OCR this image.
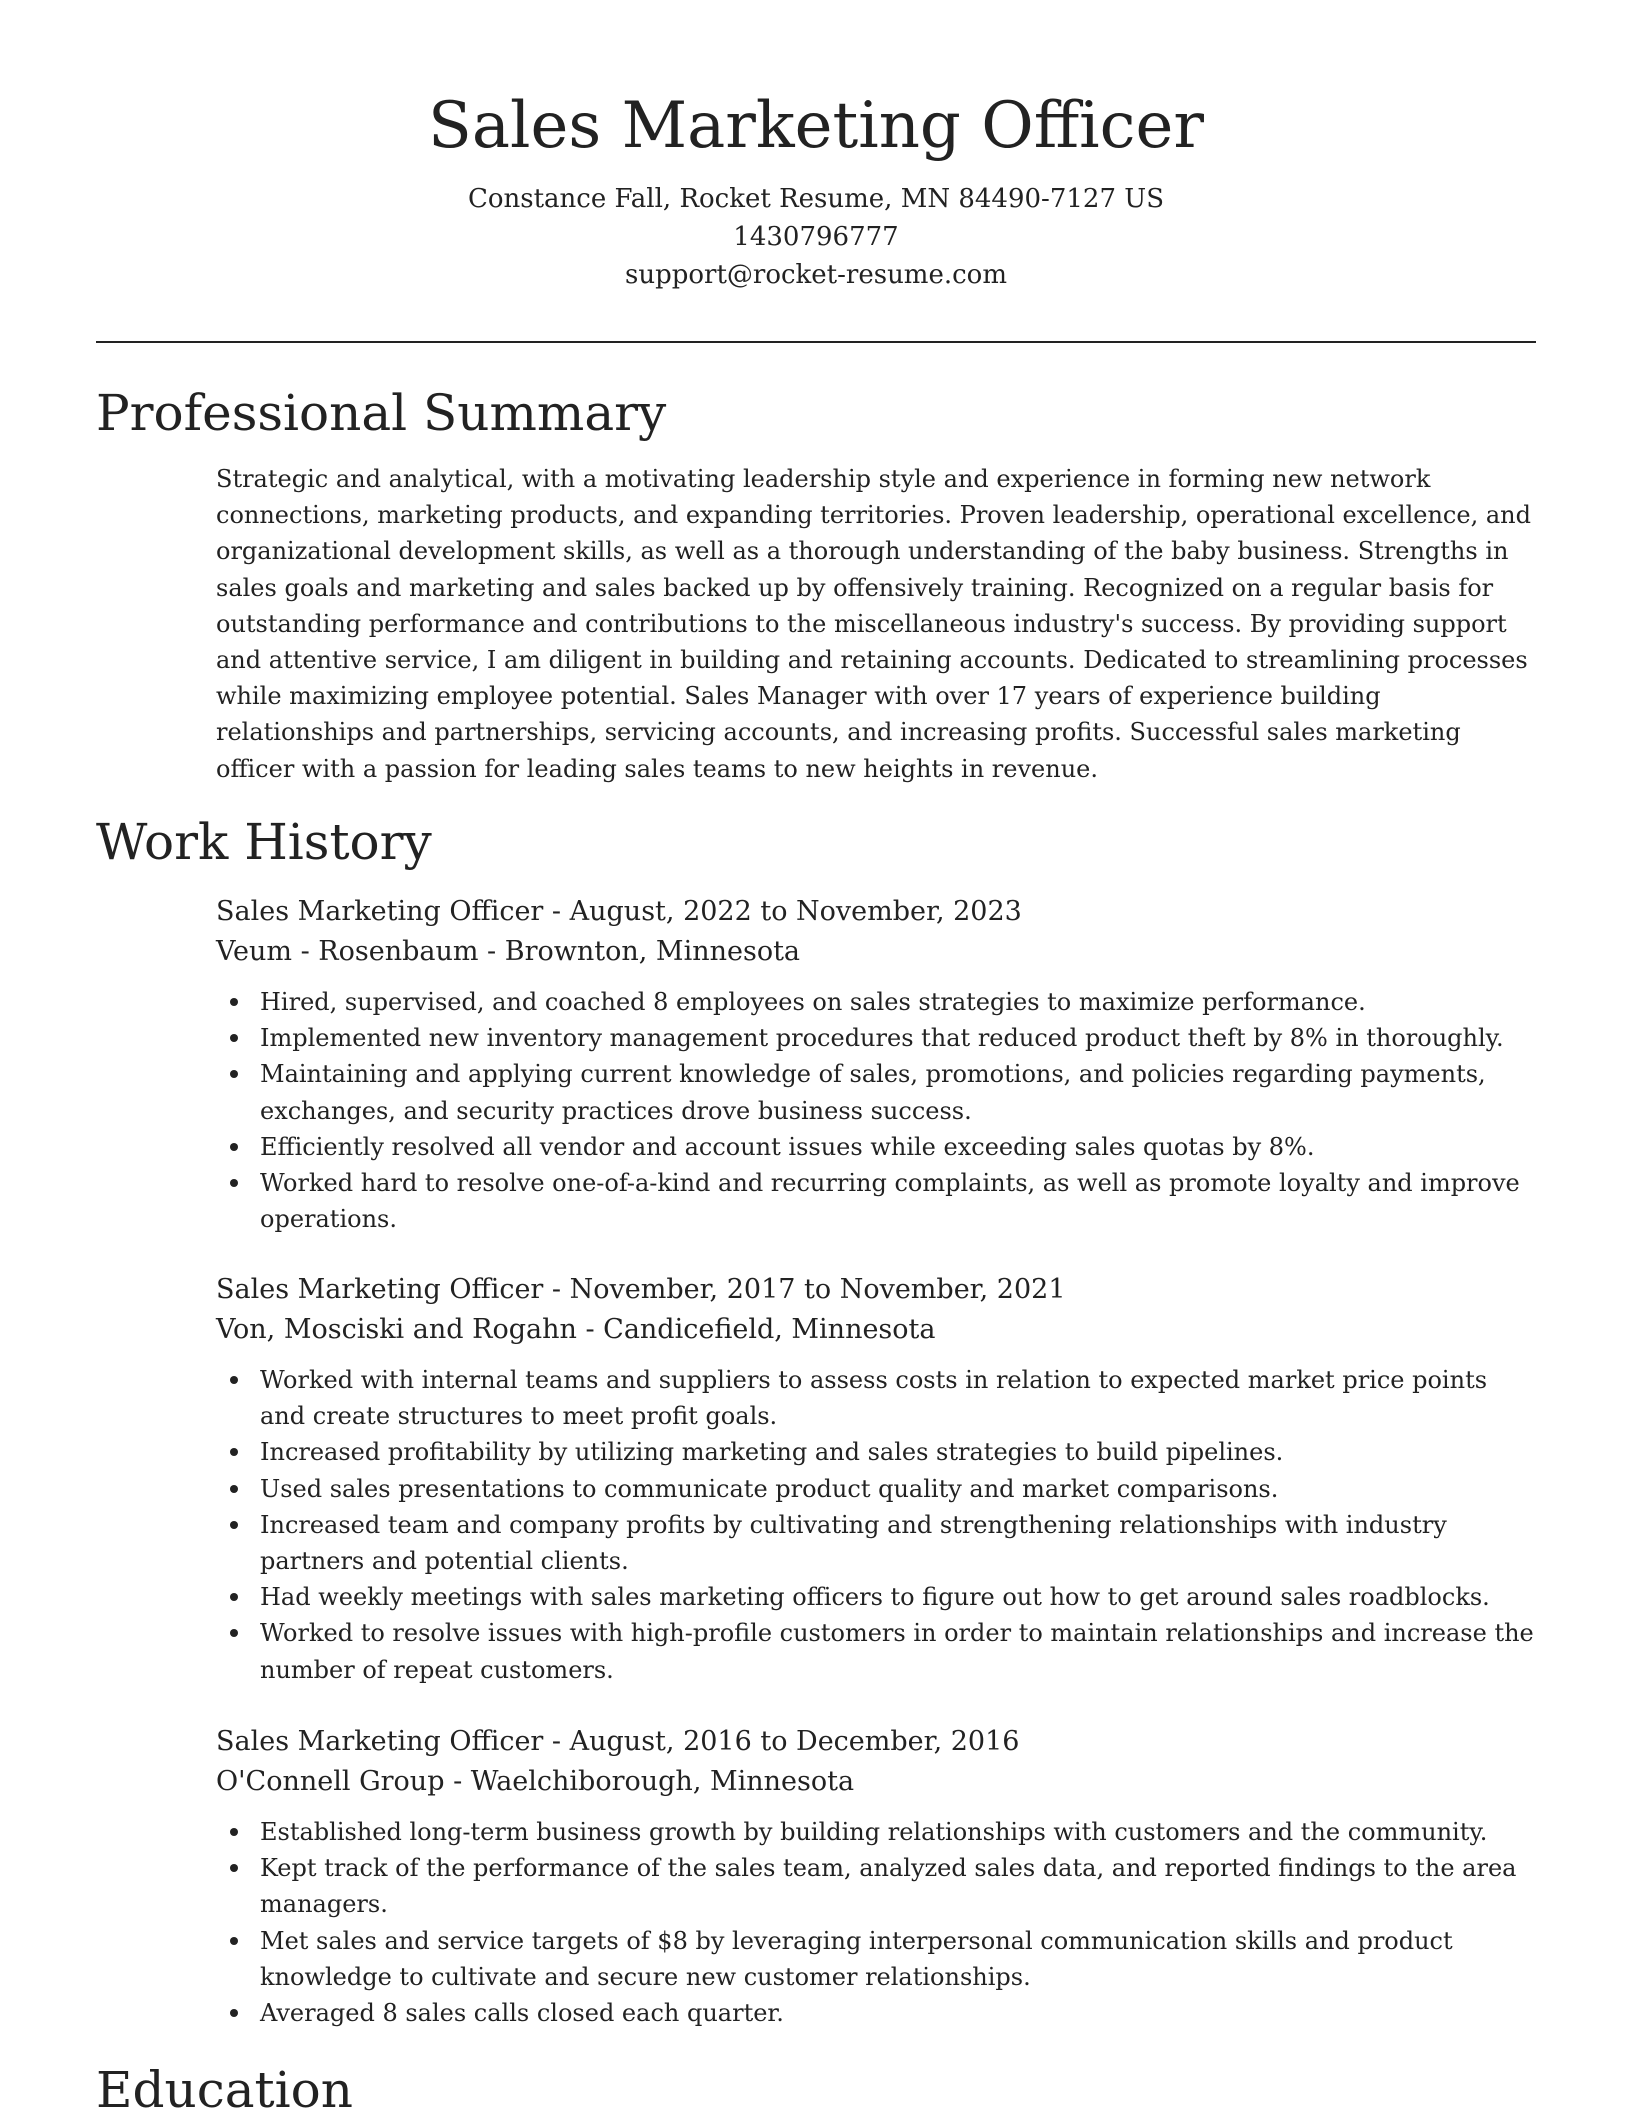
Sales Marketing Officer

Constance Fall, Rocket Resume, MN 84490-7127 US

1430796777

support@rocket-resume.com

Professional Summary

Strategic and analytical, with a motivating leadership style and experience in forming new network connections, marketing products, and expanding territories. Proven leadership, operational excellence, and organizational development skills, as well as a thorough understanding of the baby business. Strengths in sales goals and marketing and sales backed up by offensively training. Recognized on a regular basis for outstanding performance and contributions to the miscellaneous industry's success. By providing support and attentive service, I am diligent in building and retaining accounts. Dedicated to streamlining processes while maximizing employee potential. Sales Manager with over 17 years of experience building relationships and partnerships, servicing accounts, and increasing profits. Successful sales marketing officer with a passion for leading sales teams to new heights in revenue.

Work History

Sales Marketing Officer - August, 2022 to November, 2023

Veum - Rosenbaum - Brownton, Minnesota

Hired, supervised, and coached 8 employees on sales strategies to maximize performance.
Implemented new inventory management procedures that reduced product theft by 8% in thoroughly.
Maintaining and applying current knowledge of sales, promotions, and policies regarding payments, exchanges, and security practices drove business success.
Efficiently resolved all vendor and account issues while exceeding sales quotas by 8%.
Worked hard to resolve one-of-a-kind and recurring complaints, as well as promote loyalty and improve operations.

Sales Marketing Officer - November, 2017 to November, 2021

Von, Mosciski and Rogahn - Candicefield, Minnesota

Worked with internal teams and suppliers to assess costs in relation to expected market price points and create structures to meet profit goals.
Increased profitability by utilizing marketing and sales strategies to build pipelines.
Used sales presentations to communicate product quality and market comparisons.
Increased team and company profits by cultivating and strengthening relationships with industry partners and potential clients.
Had weekly meetings with sales marketing officers to figure out how to get around sales roadblocks.
Worked to resolve issues with high-profile customers in order to maintain relationships and increase the number of repeat customers.

Sales Marketing Officer - August, 2016 to December, 2016

O'Connell Group - Waelchiborough, Minnesota

Established long-term business growth by building relationships with customers and the community.
Kept track of the performance of the sales team, analyzed sales data, and reported findings to the area managers.
Met sales and service targets of $8 by leveraging interpersonal communication skills and product knowledge to cultivate and secure new customer relationships.
Averaged 8 sales calls closed each quarter.
Education
